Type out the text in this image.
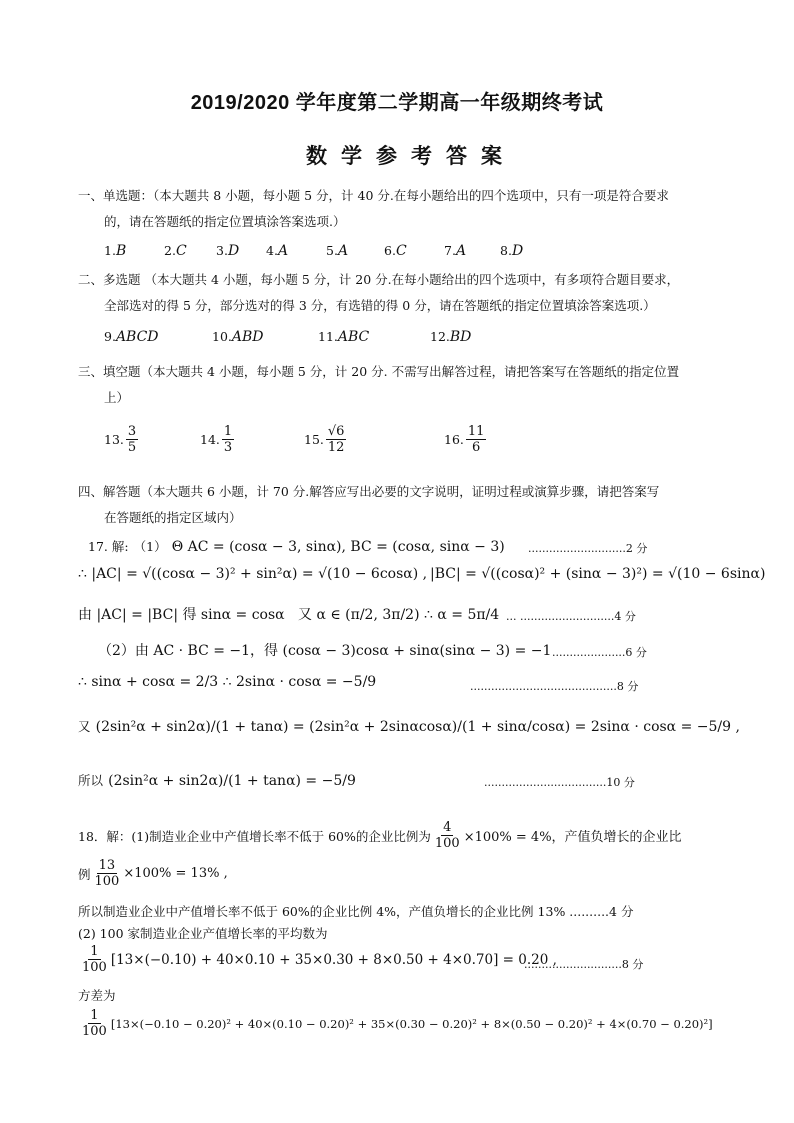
2019/2020 学年度第二学期高一年级期终考试
数学参考答案
一、单选题：（本大题共 8 小题，每小题 5 分，计 40 分.在每小题给出的四个选项中，只有一项是符合要求
的，请在答题纸的指定位置填涂答案选项.）
1.B	2.C	3.D	4.A	5.A	6.C	7.A	8.D
二、多选题 （本大题共 4 小题，每小题 5 分，计 20 分.在每小题给出的四个选项中，有多项符合题目要求，
全部选对的得 5 分，部分选对的得 3 分，有选错的得 0 分，请在答题纸的指定位置填涂答案选项.）
9.ABCD	10.ABD	11.ABC	12.BD
三、填空题（本大题共 4 小题，每小题 5 分，计 20 分. 不需写出解答过程，请把答案写在答题纸的指定位置
上）
13. $\frac{3}{5}$	14. $\frac{1}{3}$	15. $\frac{√6}{12}$	16. $\frac{11}{6}$
四、解答题（本大题共 6 小题，计 70 分.解答应写出必要的文字说明，证明过程或演算步骤，请把答案写
在答题纸的指定区域内）
17. 解: （1） Θ AC = (cosα − 3, sinα), BC = (cosα, sinα − 3) ............................2 分
∴ |AC| = √((cosα − 3)² + sin²α) = √(10 − 6cosα) , |BC| = √((cosα)² + (sinα − 3)²) = √(10 − 6sinα)
由 |AC| = |BC| 得 sinα = cosα 又 α ∈ (π/2, 3π/2) ∴ α = 5π/4 ... ...........................4 分
（2）由 AC · BC = −1，得 (cosα − 3)cosα + sinα(sinα − 3) = −1 .....................6 分
∴ sinα + cosα = 2/3 ∴ 2sinα · cosα = −5/9	..........................................8 分
又 (2sin²α + sin2α)/(1 + tanα) = (2sin²α + 2sinαcosα)/(1 + sinα/cosα) = 2sinα · cosα = −5/9 ,
所以 (2sin²α + sin2α)/(1 + tanα) = −5/9	...................................10 分
18．解：(1)制造业企业中产值增长率不低于 60%的企业比例为 $\frac{4}{100} \times 100\% = 4\%$，产值负增长的企业比
例 $\frac{13}{100} \times 100\% = 13\%$ ,
所以制造业企业中产值增长率不低于 60%的企业比例 4%，产值负增长的企业比例 13% ..........4 分
(2) 100 家制造业企业产值增长率的平均数为
$\frac{1}{100} [13\times(-0.10) + 40\times 0.10 + 35\times 0.30 + 8\times 0.50 + 4\times 0.70] = 0.20$ ,
............................8 分
方差为
$\frac{1}{100} [13\times(-0.10 - 0.20)^2 + 40\times(0.10 - 0.20)^2 + 35\times(0.30 - 0.20)^2 + 8\times(0.50 - 0.20)^2 + 4\times(0.70 - 0.20)^2]$
